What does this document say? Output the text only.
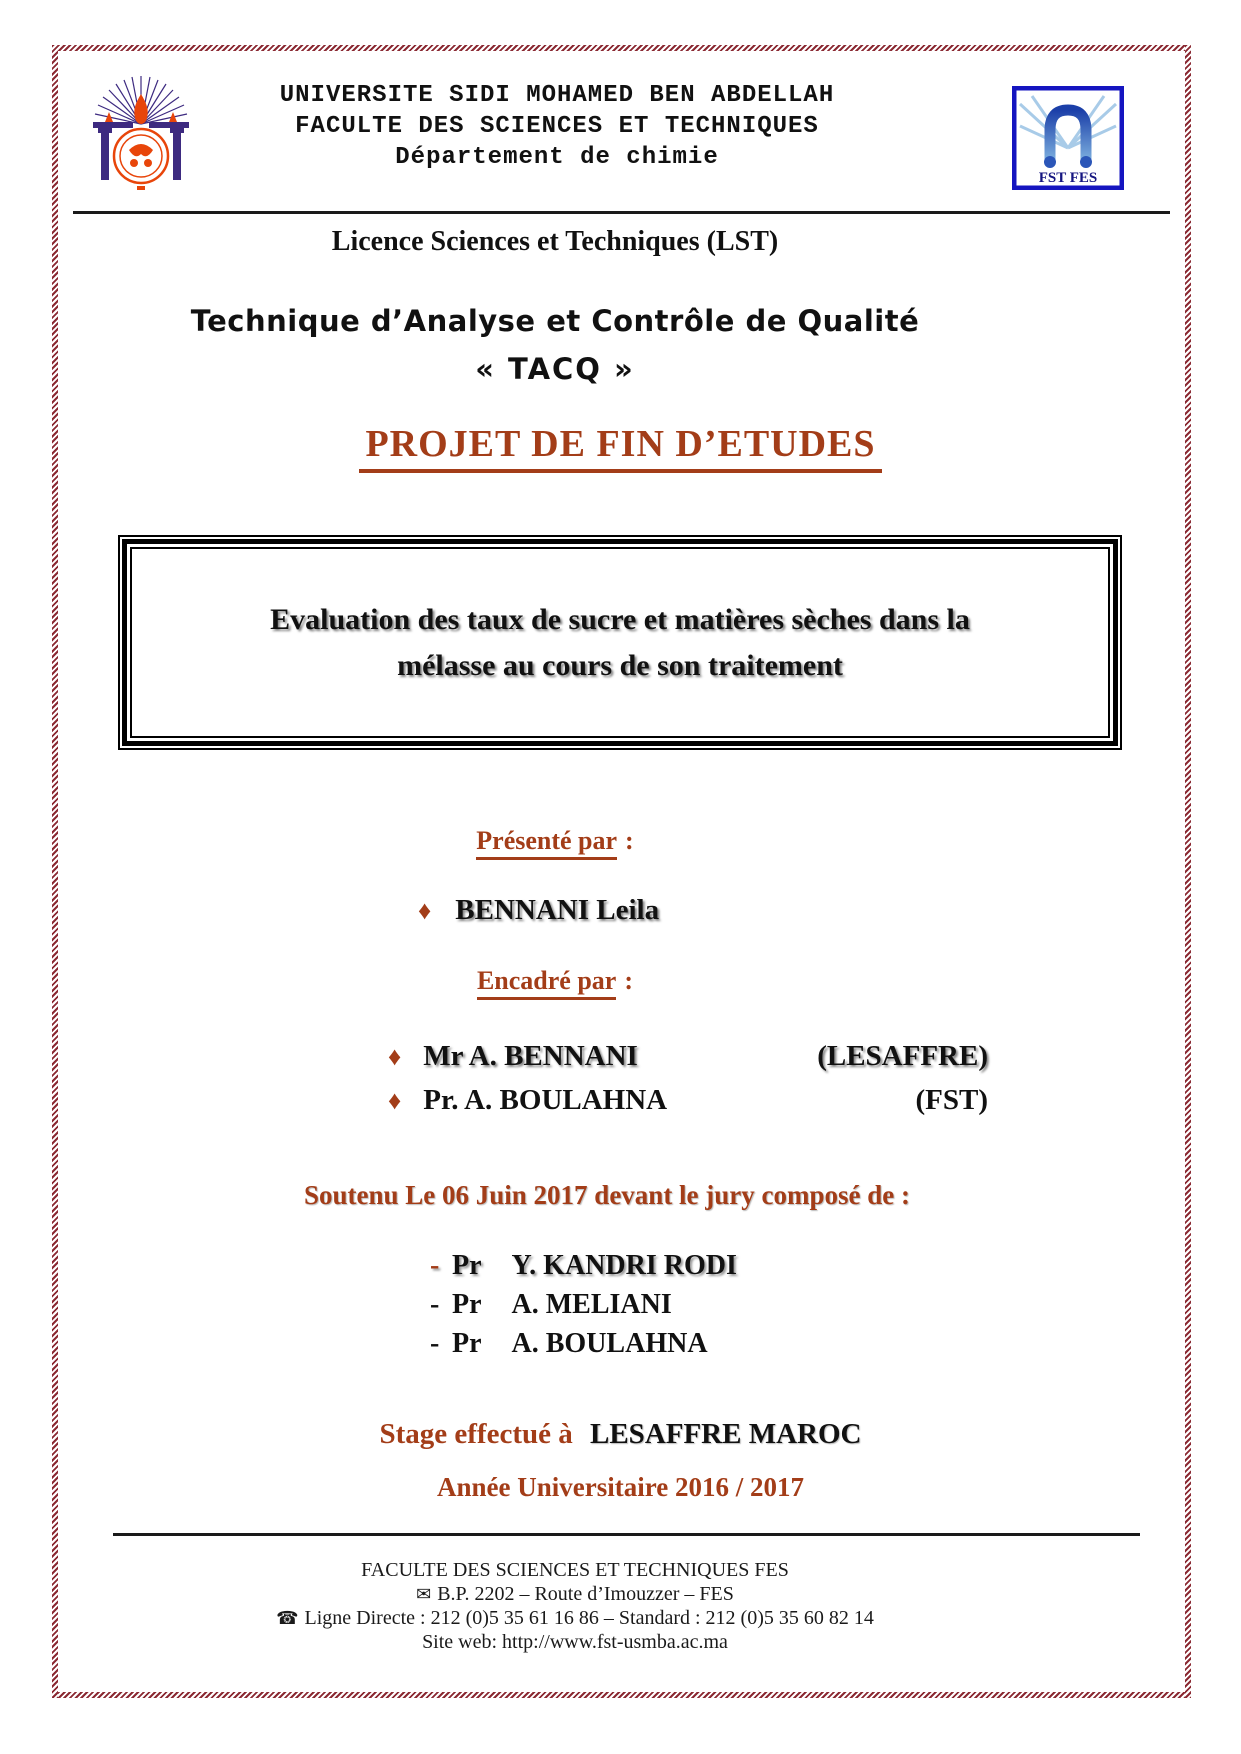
FST FES
UNIVERSITE SIDI MOHAMED BEN ABDELLAH
FACULTE DES SCIENCES ET TECHNIQUES
Département de chimie
Licence Sciences et Techniques (LST)
Technique d’Analyse et Contrôle de Qualité
« TACQ »
PROJET DE FIN D’ETUDES
Evaluation des taux de sucre et matières sèches dans la
mélasse au cours de son traitement
Présenté par :
♦ BENNANI Leila
Encadré par :
♦ Mr A. BENNANI	(LESAFFRE)
♦ Pr. A. BOULAHNA	(FST)
Soutenu Le 06 Juin 2017 devant le jury composé de :
- Pr Y. KANDRI RODI
- Pr A. MELIANI
- Pr A. BOULAHNA
Stage effectué à LESAFFRE MAROC
Année Universitaire 2016 / 2017
FACULTE DES SCIENCES ET TECHNIQUES FES
✉ B.P. 2202 – Route d’Imouzzer – FES
☎ Ligne Directe : 212 (0)5 35 61 16 86 – Standard : 212 (0)5 35 60 82 14
Site web: http://www.fst-usmba.ac.ma
